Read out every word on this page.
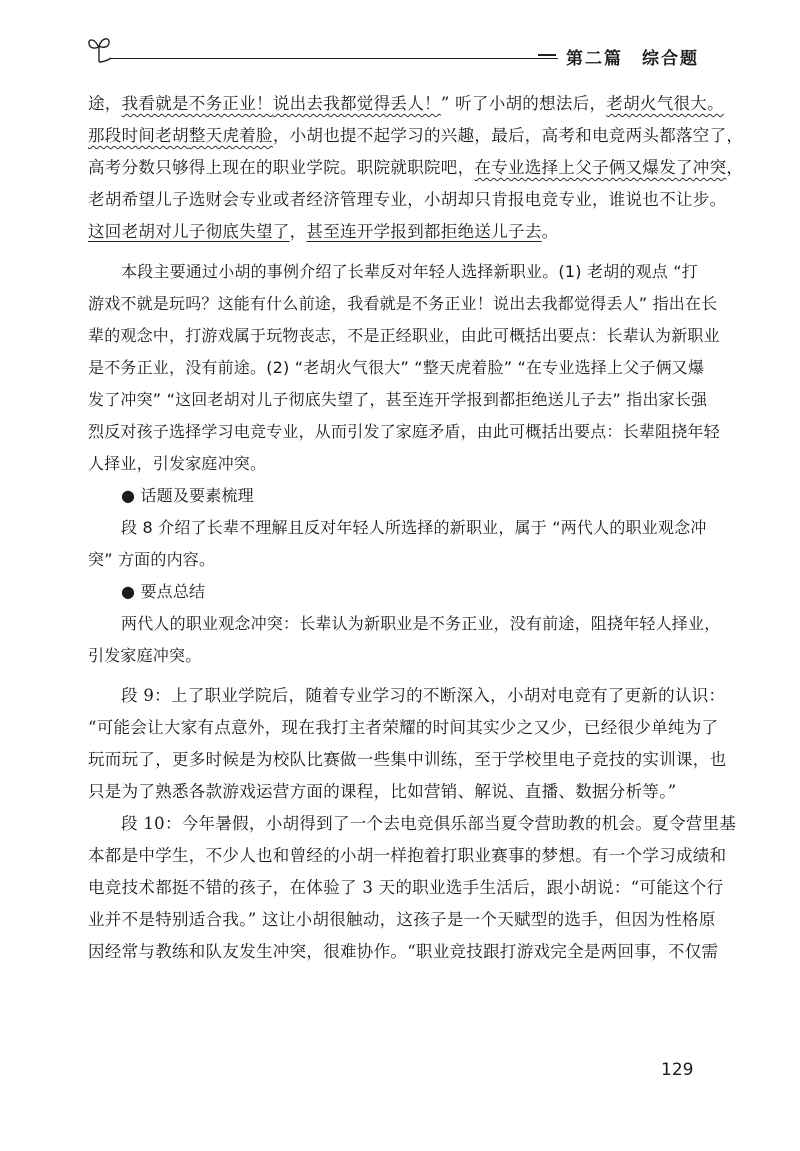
第二篇　综合题
途，我看就是不务正业！说出去我都觉得丢人！” 听了小胡的想法后，老胡火气很大。
那段时间老胡整天虎着脸，小胡也提不起学习的兴趣，最后，高考和电竞两头都落空了，
高考分数只够得上现在的职业学院。职院就职院吧，在专业选择上父子俩又爆发了冲突，
老胡希望儿子选财会专业或者经济管理专业，小胡却只肯报电竞专业，谁说也不让步。
这回老胡对儿子彻底失望了，甚至连开学报到都拒绝送儿子去。
本段主要通过小胡的事例介绍了长辈反对年轻人选择新职业。(1) 老胡的观点 “打
游戏不就是玩吗？这能有什么前途，我看就是不务正业！说出去我都觉得丢人” 指出在长
辈的观念中，打游戏属于玩物丧志，不是正经职业，由此可概括出要点：长辈认为新职业
是不务正业，没有前途。(2) “老胡火气很大” “整天虎着脸” “在专业选择上父子俩又爆
发了冲突” “这回老胡对儿子彻底失望了，甚至连开学报到都拒绝送儿子去” 指出家长强
烈反对孩子选择学习电竞专业，从而引发了家庭矛盾，由此可概括出要点：长辈阻挠年轻
人择业，引发家庭冲突。
● 话题及要素梳理
段 8 介绍了长辈不理解且反对年轻人所选择的新职业，属于 “两代人的职业观念冲
突” 方面的内容。
● 要点总结
两代人的职业观念冲突：长辈认为新职业是不务正业，没有前途，阻挠年轻人择业，
引发家庭冲突。
段 9：上了职业学院后，随着专业学习的不断深入，小胡对电竞有了更新的认识：
“可能会让大家有点意外，现在我打主者荣耀的时间其实少之又少，已经很少单纯为了
玩而玩了，更多时候是为校队比赛做一些集中训练，至于学校里电子竞技的实训课，也
只是为了熟悉各款游戏运营方面的课程，比如营销、解说、直播、数据分析等。”
段 10：今年暑假，小胡得到了一个去电竞俱乐部当夏令营助教的机会。夏令营里基
本都是中学生，不少人也和曾经的小胡一样抱着打职业赛事的梦想。有一个学习成绩和
电竞技术都挺不错的孩子，在体验了 3 天的职业选手生活后，跟小胡说：“可能这个行
业并不是特别适合我。” 这让小胡很触动，这孩子是一个天赋型的选手，但因为性格原
因经常与教练和队友发生冲突，很难协作。“职业竞技跟打游戏完全是两回事，不仅需
129
